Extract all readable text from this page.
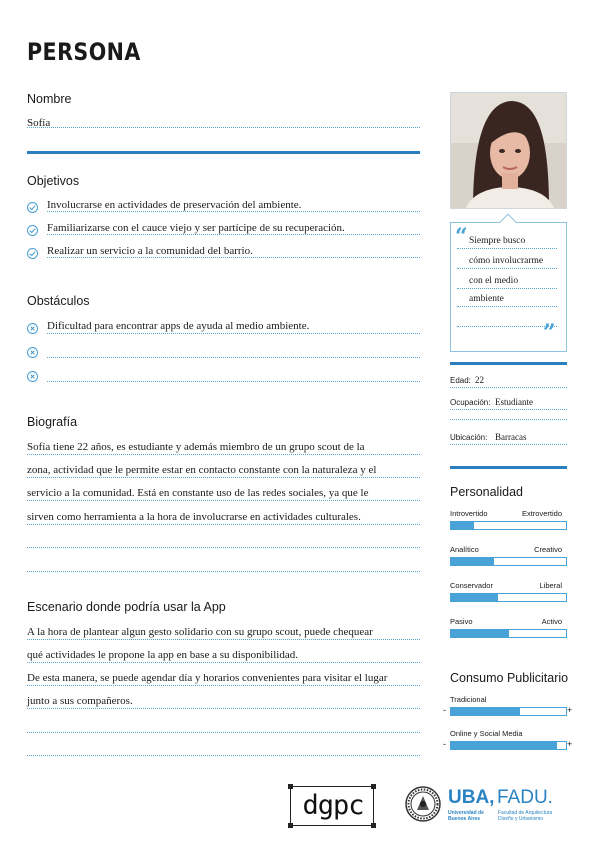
PERSONA
Nombre
Sofía
Objetivos
Involucrarse en actividades de preservación del ambiente.
Familiarizarse con el cauce viejo y ser partícipe de su recuperación.
Realizar un servicio a la comunidad del barrio.
Obstáculos
Dificultad para encontrar apps de ayuda al medio ambiente.
Biografía
Sofía tiene 22 años, es estudiante y además miembro de un grupo scout de la
zona, actividad que le permite estar en contacto constante con la naturaleza y el
servicio a la comunidad. Está en constante uso de las redes sociales, ya que le
sirven como herramienta a la hora de involucrarse en actividades culturales.
Escenario donde podría usar la App
A la hora de plantear algun gesto solidario con su grupo scout, puede chequear
qué actividades le propone la app en base a su disponibilidad.
De esta manera, se puede agendar día y horarios convenientes para visitar el lugar
junto a sus compañeros.
“
”
Siempre busco
cómo involucrarme
con el medio
ambiente
Edad: 22
Ocupación: Estudiante
Ubicación: Barracas
Personalidad
Introvertido	Extrovertido
Analítico	Creativo
Conservador	Liberal
Pasivo	Activo
Consumo Publicitario
Tradicional
-	+
Online y Social Media
-	+
dgpc	UBA, FADU.
Universidad de Buenos Aires
Facultad de Arquitectura Diseño y Urbanismo
